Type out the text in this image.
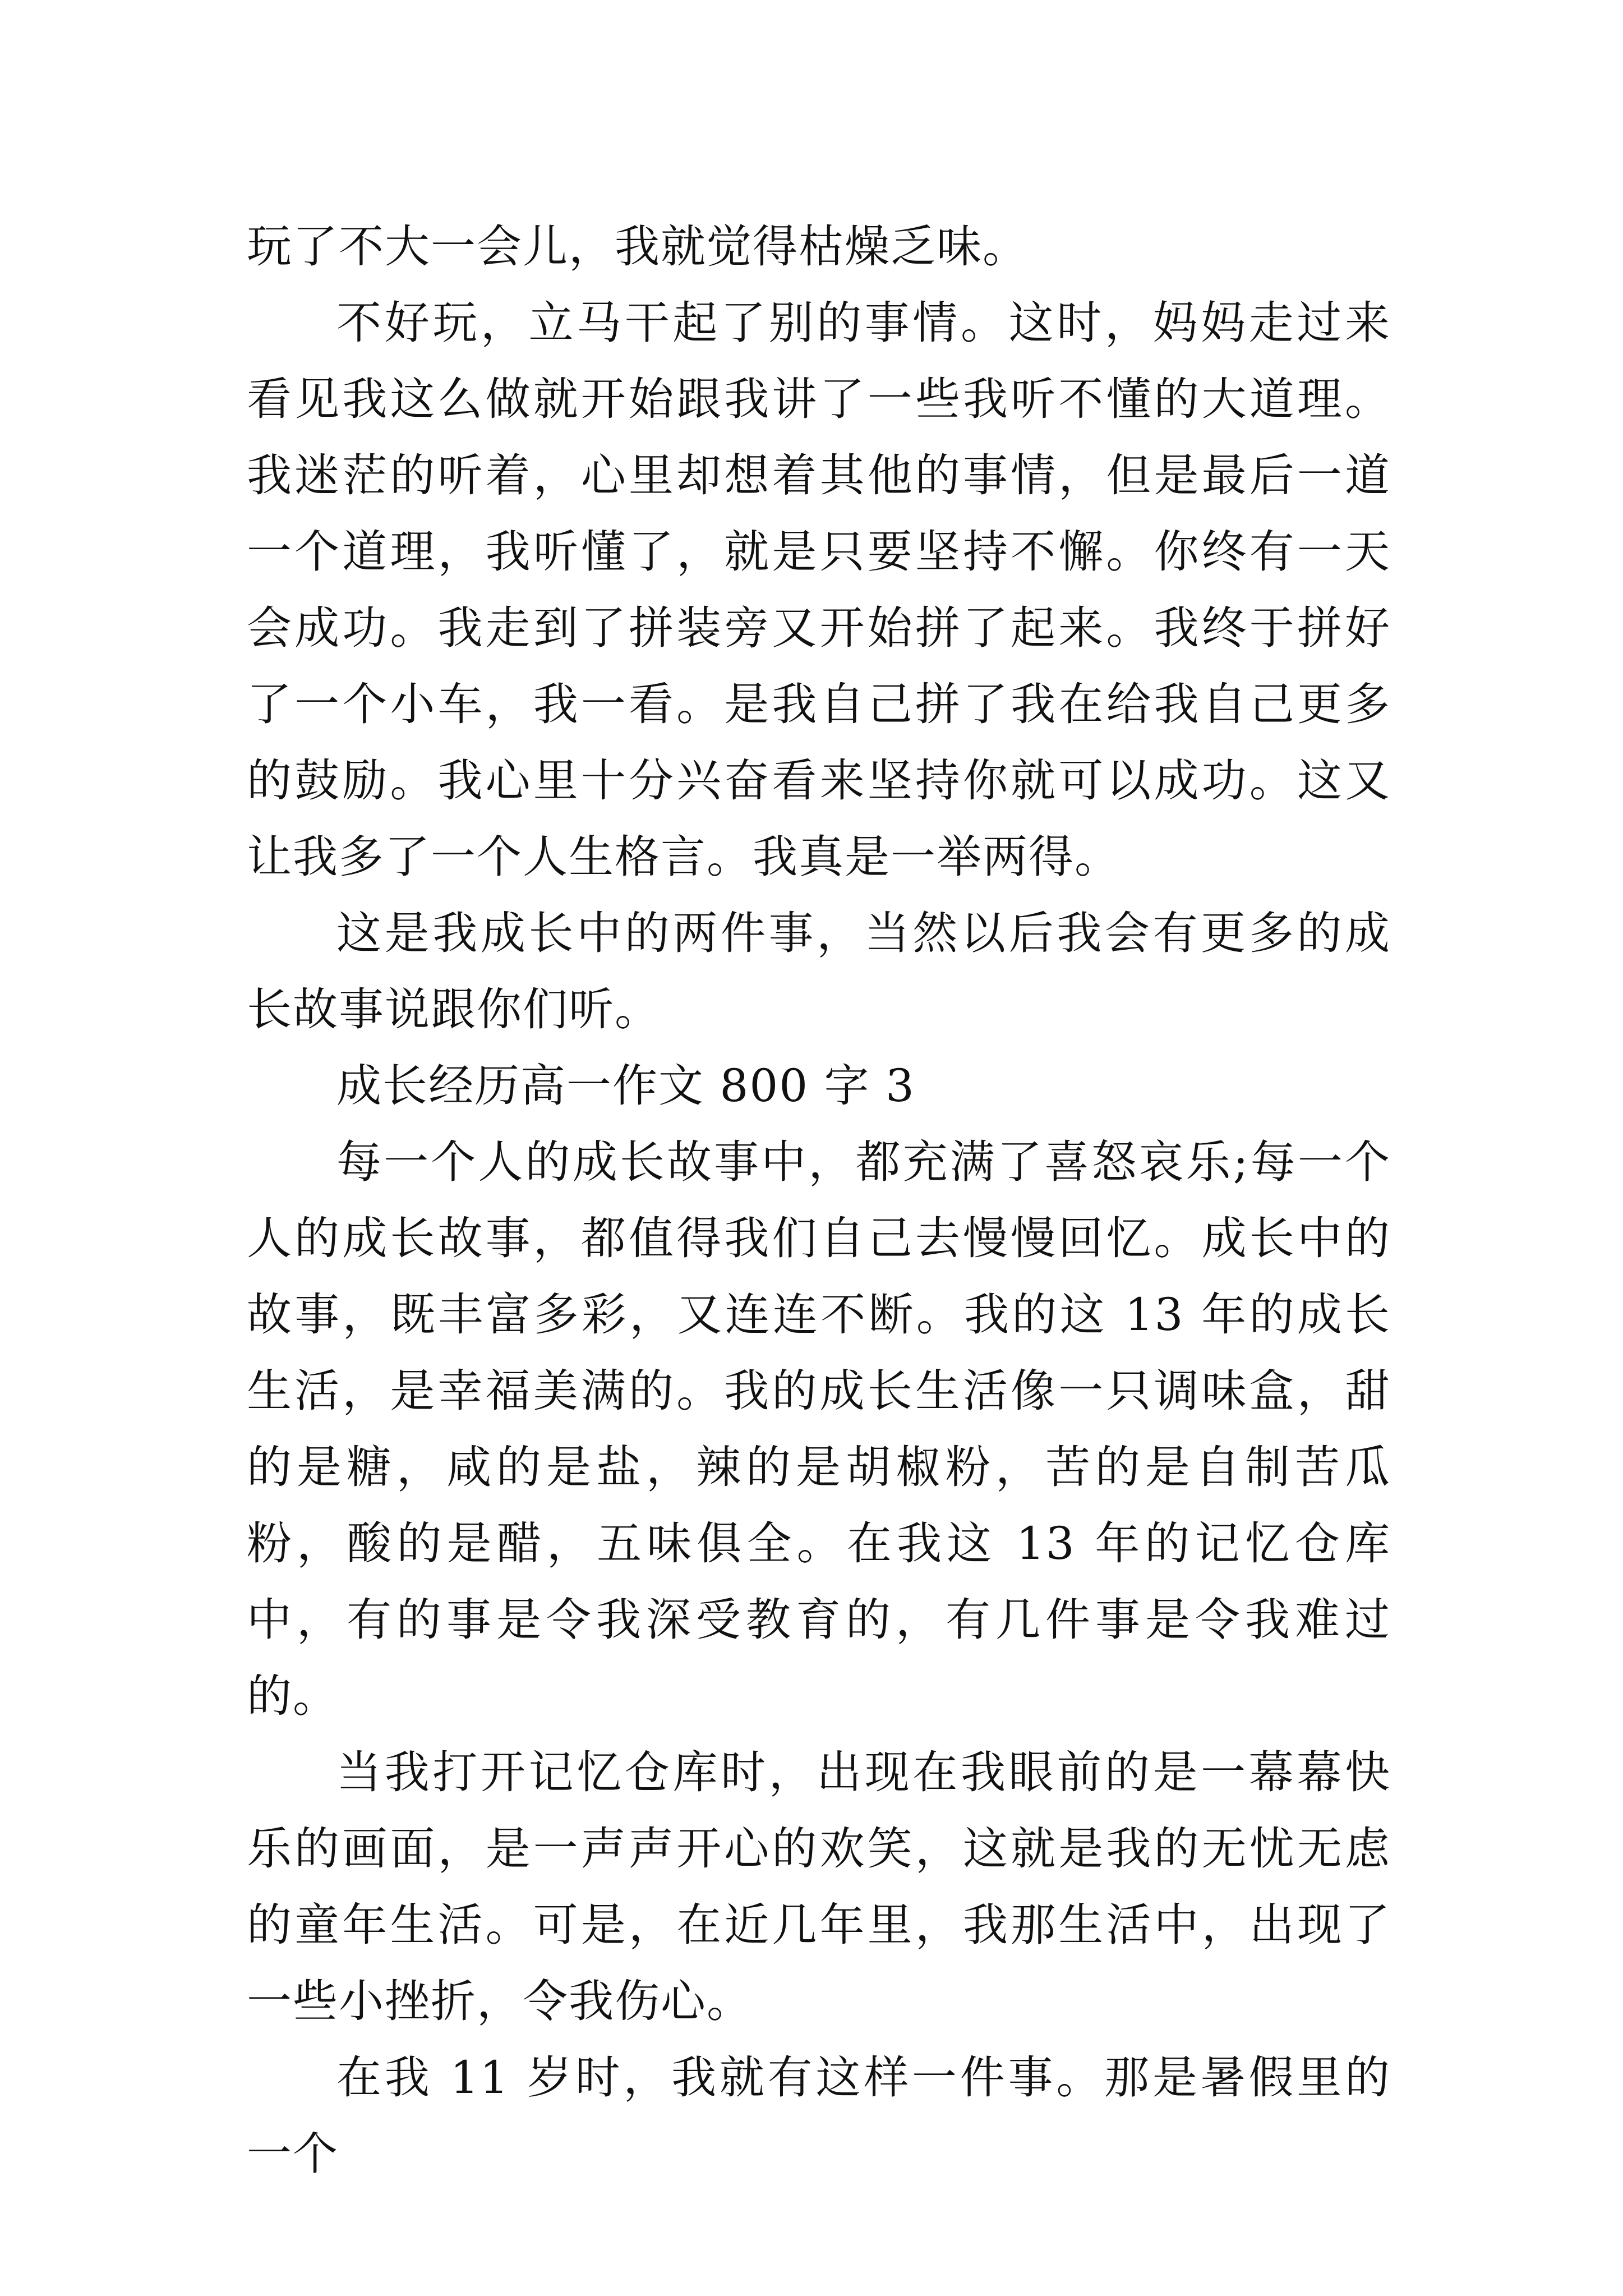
玩了不大一会儿，我就觉得枯燥乏味。

不好玩，立马干起了别的事情。这时，妈妈走过来看见我这么做就开始跟我讲了一些我听不懂的大道理。我迷茫的听着，心里却想着其他的事情，但是最后一道一个道理，我听懂了，就是只要坚持不懈。你终有一天会成功。我走到了拼装旁又开始拼了起来。我终于拼好了一个小车，我一看。是我自己拼了我在给我自己更多的鼓励。我心里十分兴奋看来坚持你就可以成功。这又让我多了一个人生格言。我真是一举两得。

这是我成长中的两件事，当然以后我会有更多的成长故事说跟你们听。

成长经历高一作文 800 字 3

每一个人的成长故事中，都充满了喜怒哀乐;每一个人的成长故事，都值得我们自己去慢慢回忆。成长中的故事，既丰富多彩，又连连不断。我的这 13 年的成长生活，是幸福美满的。我的成长生活像一只调味盒，甜的是糖，咸的是盐，辣的是胡椒粉，苦的是自制苦瓜粉，酸的是醋，五味俱全。在我这 13 年的记忆仓库中，有的事是令我深受教育的，有几件事是令我难过的。

当我打开记忆仓库时，出现在我眼前的是一幕幕快乐的画面，是一声声开心的欢笑，这就是我的无忧无虑的童年生活。可是，在近几年里，我那生活中，出现了一些小挫折，令我伤心。

在我 11 岁时，我就有这样一件事。那是暑假里的一个
